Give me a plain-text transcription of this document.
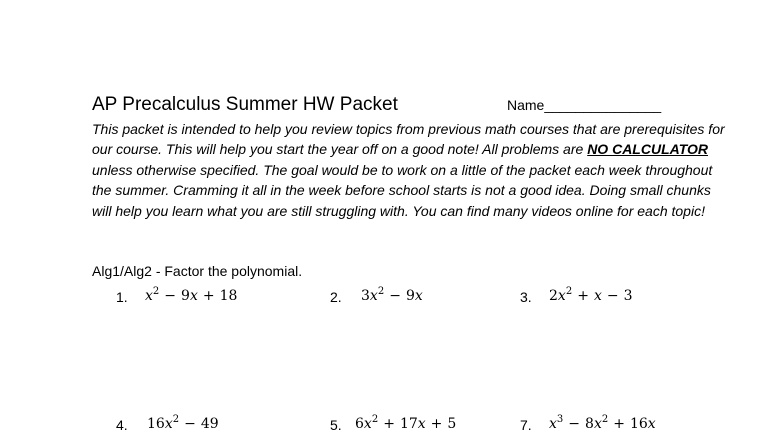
AP Precalculus Summer HW Packet	Name_______________
This packet is intended to help you review topics from previous math courses that are prerequisites for our course. This will help you start the year off on a good note! All problems are NO CALCULATOR unless otherwise specified. The goal would be to work on a little of the packet each week throughout the summer. Cramming it all in the week before school starts is not a good idea. Doing small chunks will help you learn what you are still struggling with. You can find many videos online for each topic!
Alg1/Alg2 - Factor the polynomial.
1. $x^2 - 9x + 18$	2. $3x^2 - 9x$	3. $2x^2 + x - 3$
4. $16x^2 - 49$	5. $6x^2 + 17x + 5$	7. $x^3 - 8x^2 + 16x$
